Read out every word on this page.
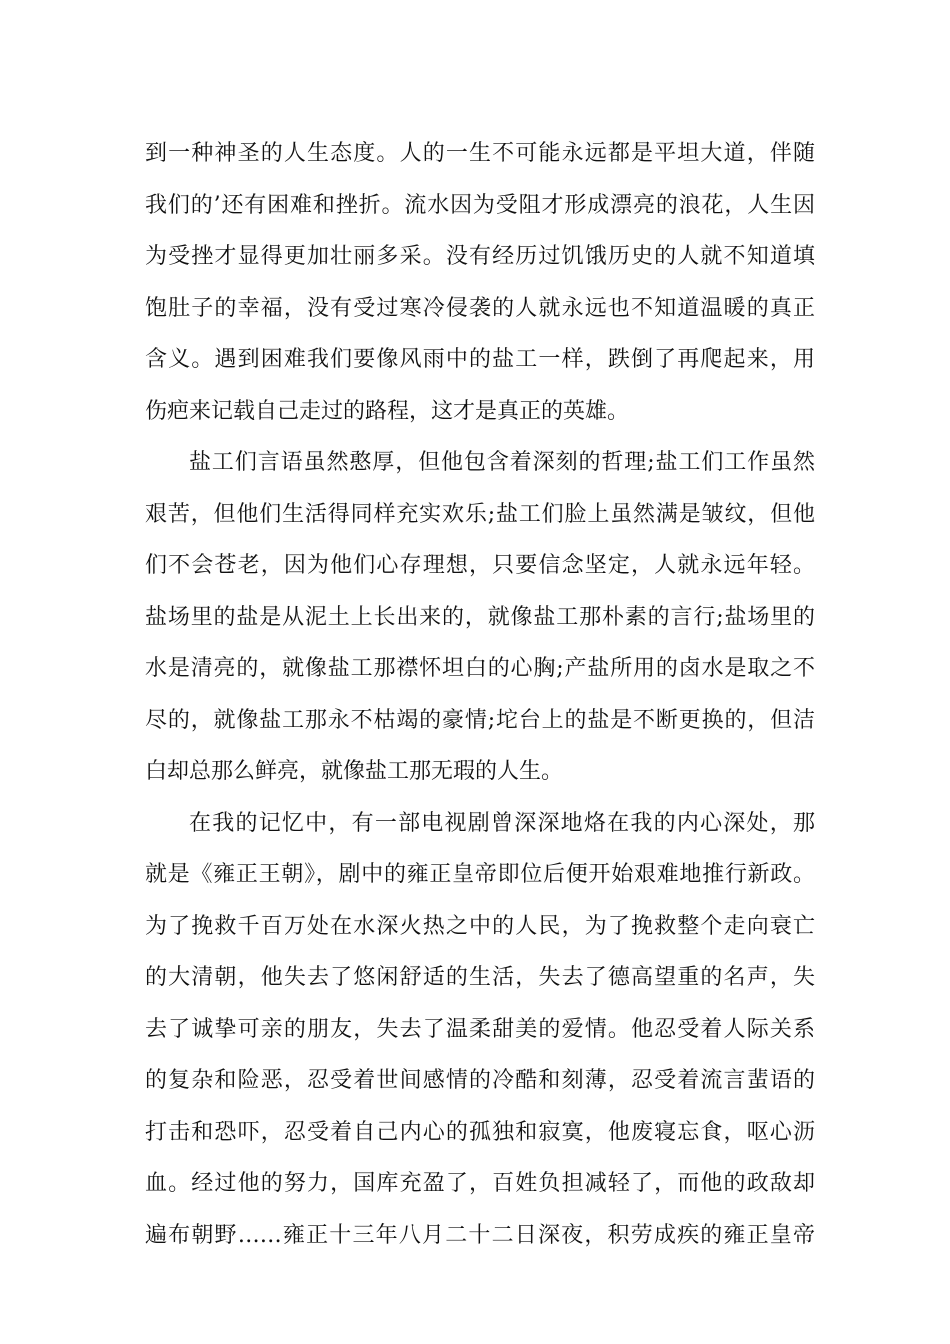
到一种神圣的人生态度。人的一生不可能永远都是平坦大道，伴随
我们的’还有困难和挫折。流水因为受阻才形成漂亮的浪花，人生因
为受挫才显得更加壮丽多采。没有经历过饥饿历史的人就不知道填
饱肚子的幸福，没有受过寒冷侵袭的人就永远也不知道温暖的真正
含义。遇到困难我们要像风雨中的盐工一样，跌倒了再爬起来，用
伤疤来记载自己走过的路程，这才是真正的英雄。
盐工们言语虽然憨厚，但他包含着深刻的哲理;盐工们工作虽然
艰苦，但他们生活得同样充实欢乐;盐工们脸上虽然满是皱纹，但他
们不会苍老，因为他们心存理想，只要信念坚定，人就永远年轻。
盐场里的盐是从泥土上长出来的，就像盐工那朴素的言行;盐场里的
水是清亮的，就像盐工那襟怀坦白的心胸;产盐所用的卤水是取之不
尽的，就像盐工那永不枯竭的豪情;坨台上的盐是不断更换的，但洁
白却总那么鲜亮，就像盐工那无瑕的人生。
在我的记忆中，有一部电视剧曾深深地烙在我的内心深处，那
就是《雍正王朝》，剧中的雍正皇帝即位后便开始艰难地推行新政。
为了挽救千百万处在水深火热之中的人民，为了挽救整个走向衰亡
的大清朝，他失去了悠闲舒适的生活，失去了德高望重的名声，失
去了诚挚可亲的朋友，失去了温柔甜美的爱情。他忍受着人际关系
的复杂和险恶，忍受着世间感情的冷酷和刻薄，忍受着流言蜚语的
打击和恐吓，忍受着自己内心的孤独和寂寞，他废寝忘食，呕心沥
血。经过他的努力，国库充盈了，百姓负担减轻了，而他的政敌却
遍布朝野……雍正十三年八月二十二日深夜，积劳成疾的雍正皇帝
